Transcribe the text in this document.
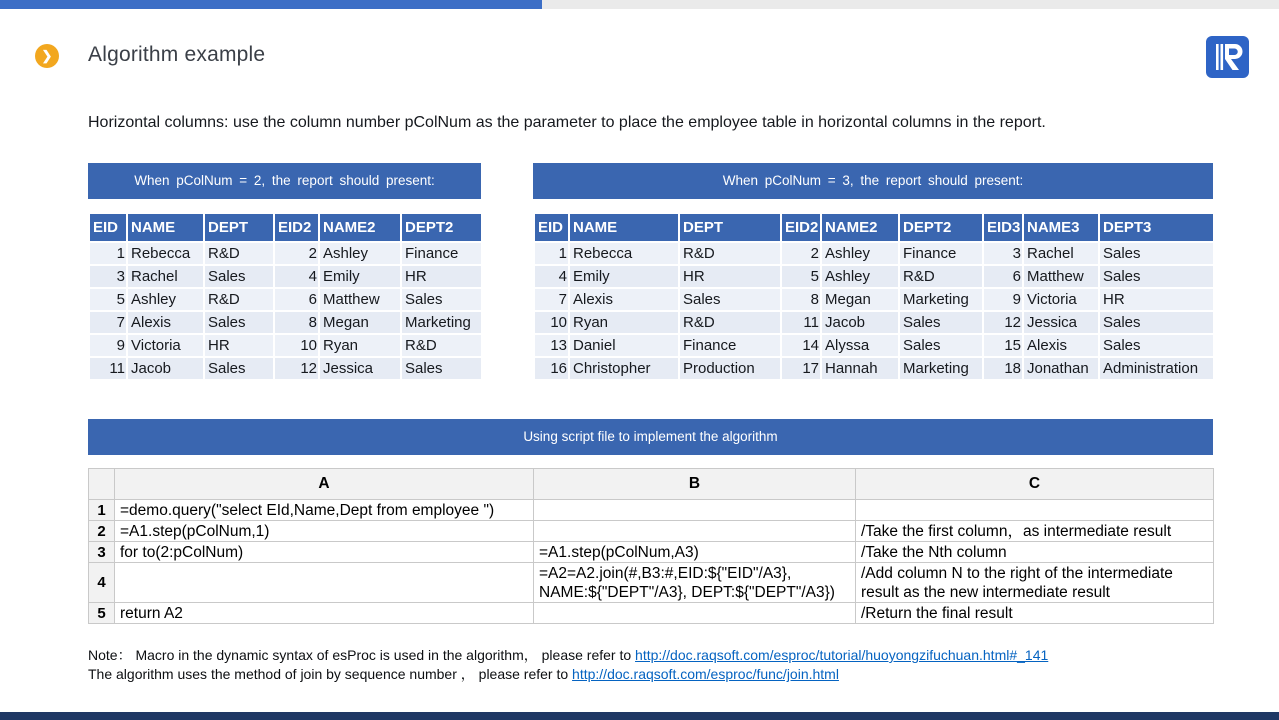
❯	Algorithm example

Horizontal columns: use the column number pColNum as the parameter to place the employee table in horizontal columns in the report.

When pColNum = 2, the report should present:
EID	NAME	DEPT	EID2	NAME2	DEPT2
1	Rebecca	R&D	2	Ashley	Finance
3	Rachel	Sales	4	Emily	HR
5	Ashley	R&D	6	Matthew	Sales
7	Alexis	Sales	8	Megan	Marketing
9	Victoria	HR	10	Ryan	R&D
11	Jacob	Sales	12	Jessica	Sales
When pColNum = 3, the report should present:
EID	NAME	DEPT	EID2	NAME2	DEPT2	EID3	NAME3	DEPT3
1	Rebecca	R&D	2	Ashley	Finance	3	Rachel	Sales
4	Emily	HR	5	Ashley	R&D	6	Matthew	Sales
7	Alexis	Sales	8	Megan	Marketing	9	Victoria	HR
10	Ryan	R&D	11	Jacob	Sales	12	Jessica	Sales
13	Daniel	Finance	14	Alyssa	Sales	15	Alexis	Sales
16	Christopher	Production	17	Hannah	Marketing	18	Jonathan	Administration
Using script file to implement the algorithm
	A	B	C
1	=demo.query("select EId,Name,Dept from employee ")		
2	=A1.step(pColNum,1)		/Take the first column，as intermediate result
3	for to(2:pColNum)	=A1.step(pColNum,A3)	/Take the Nth column
4		=A2=A2.join(#,B3:#,EID:${"EID"/A3}, NAME:${"DEPT"/A3}, DEPT:${"DEPT"/A3})	/Add column N to the right of the intermediate result as the new intermediate result
5	return A2		/Return the final result

Note： Macro in the dynamic syntax of esProc is used in the algorithm， please refer to http://doc.raqsoft.com/esproc/tutorial/huoyongzifuchuan.html#_141
The algorithm uses the method of join by sequence number ， please refer to http://doc.raqsoft.com/esproc/func/join.html
